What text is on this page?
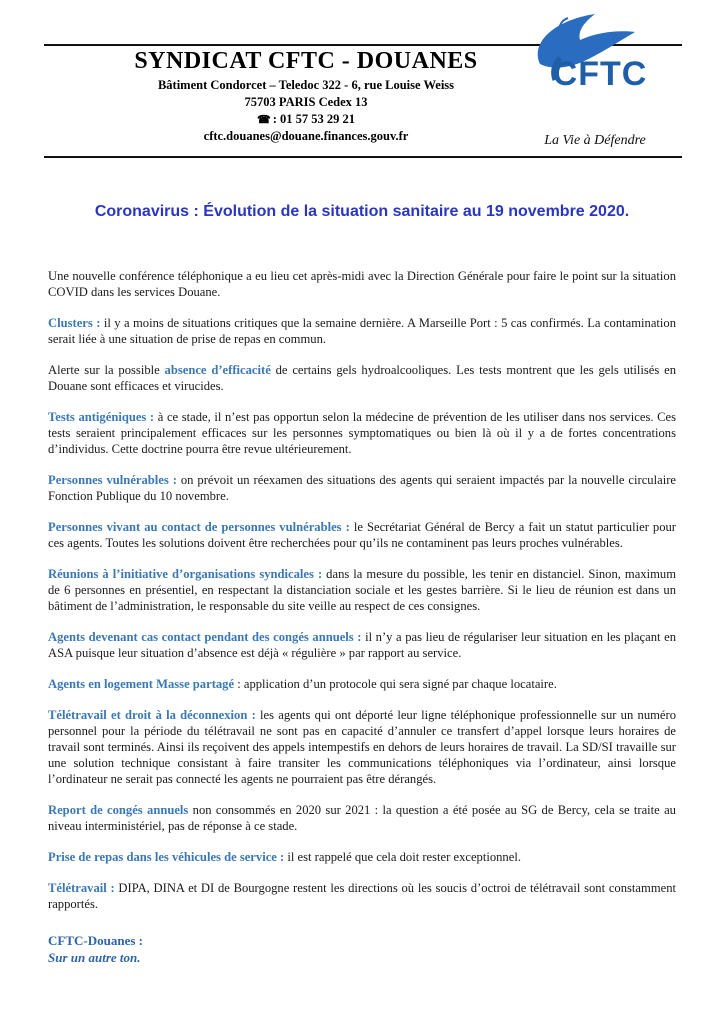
SYNDICAT CFTC - DOUANES
Bâtiment Condorcet – Teledoc 322 - 6, rue Louise Weiss
75703 PARIS Cedex 13
☎ : 01 57 53 29 21
cftc.douanes@douane.finances.gouv.fr
CFTC
La Vie à Défendre
Coronavirus : Évolution de la situation sanitaire au 19 novembre 2020.

Une nouvelle conférence téléphonique a eu lieu cet après-midi avec la Direction Générale pour faire le point sur la situation COVID dans les services Douane.

Clusters : il y a moins de situations critiques que la semaine dernière. A Marseille Port : 5 cas confirmés. La contamination serait liée à une situation de prise de repas en commun.

Alerte sur la possible absence d’efficacité de certains gels hydroalcooliques. Les tests montrent que les gels utilisés en Douane sont efficaces et virucides.

Tests antigéniques : à ce stade, il n’est pas opportun selon la médecine de prévention de les utiliser dans nos services. Ces tests seraient principalement efficaces sur les personnes symptomatiques ou bien là où il y a de fortes concentrations d’individus. Cette doctrine pourra être revue ultérieurement.

Personnes vulnérables : on prévoit un réexamen des situations des agents qui seraient impactés par la nouvelle circulaire Fonction Publique du 10 novembre.

Personnes vivant au contact de personnes vulnérables : le Secrétariat Général de Bercy a fait un statut particulier pour ces agents. Toutes les solutions doivent être recherchées pour qu’ils ne contaminent pas leurs proches vulnérables.

Réunions à l’initiative d’organisations syndicales : dans la mesure du possible, les tenir en distanciel. Sinon, maximum de 6 personnes en présentiel, en respectant la distanciation sociale et les gestes barrière. Si le lieu de réunion est dans un bâtiment de l’administration, le responsable du site veille au respect de ces consignes.

Agents devenant cas contact pendant des congés annuels : il n’y a pas lieu de régulariser leur situation en les plaçant en ASA puisque leur situation d’absence est déjà « régulière » par rapport au service.

Agents en logement Masse partagé : application d’un protocole qui sera signé par chaque locataire.

Télétravail et droit à la déconnexion : les agents qui ont déporté leur ligne téléphonique professionnelle sur un numéro personnel pour la période du télétravail ne sont pas en capacité d’annuler ce transfert d’appel lorsque leurs horaires de travail sont terminés. Ainsi ils reçoivent des appels intempestifs en dehors de leurs horaires de travail. La SD/SI travaille sur une solution technique consistant à faire transiter les communications téléphoniques via l’ordinateur, ainsi lorsque l’ordinateur ne serait pas connecté les agents ne pourraient pas être dérangés.

Report de congés annuels non consommés en 2020 sur 2021 : la question a été posée au SG de Bercy, cela se traite au niveau interministériel, pas de réponse à ce stade.

Prise de repas dans les véhicules de service : il est rappelé que cela doit rester exceptionnel.

Télétravail : DIPA, DINA et DI de Bourgogne restent les directions où les soucis d’octroi de télétravail sont constamment rapportés.

CFTC-Douanes :
Sur un autre ton.
